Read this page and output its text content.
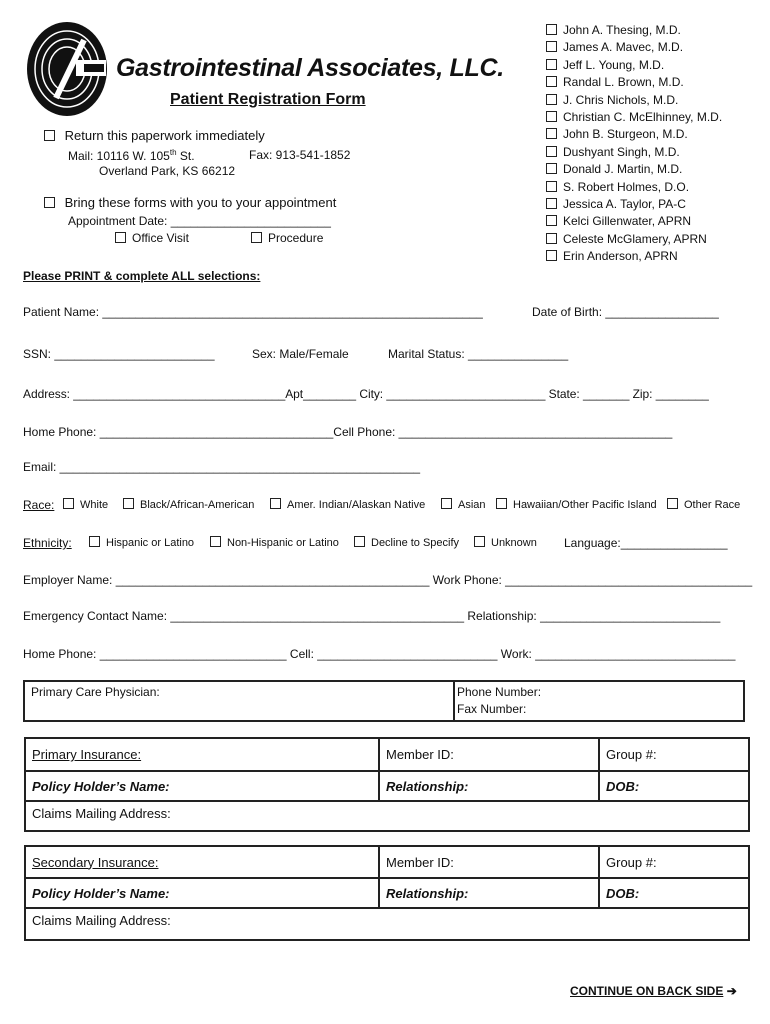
Gastrointestinal Associates, LLC.
Patient Registration Form
Return this paperwork immediately
Mail: 10116 W. 105th St.	Fax: 913-541-1852
Overland Park, KS 66212
Bring these forms with you to your appointment
Appointment Date: ________________________
Office Visit	Procedure
John A. Thesing, M.D.
James A. Mavec, M.D.
Jeff L. Young, M.D.
Randal L. Brown, M.D.
J. Chris Nichols, M.D.
Christian C. McElhinney, M.D.
John B. Sturgeon, M.D.
Dushyant Singh, M.D.
Donald J. Martin, M.D.
S. Robert Holmes, D.O.
Jessica A. Taylor, PA-C
Kelci Gillenwater, APRN
Celeste McGlamery, APRN
Erin Anderson, APRN
Please PRINT & complete ALL selections:
Patient Name: _________________________________________________________	Date of Birth: _________________
SSN: ________________________	Sex: Male/Female	Marital Status: _______________
Address: ________________________________Apt________ City: ________________________ State: _______ Zip: ________
Home Phone: ___________________________________Cell Phone: _________________________________________
Email: ______________________________________________________
Race:	White	Black/African-American	Amer. Indian/Alaskan Native	Asian	Hawaiian/Other Pacific Island	Other Race
Ethnicity:	Hispanic or Latino	Non-Hispanic or Latino	Decline to Specify	Unknown Language:________________
Employer Name: _______________________________________________ Work Phone: _____________________________________
Emergency Contact Name: ____________________________________________ Relationship: ___________________________
Home Phone: ____________________________ Cell: ___________________________ Work: ______________________________
Primary Care Physician:	Phone Number:
Fax Number:
Primary Insurance:	Member ID:	Group #:
Policy Holder’s Name:	Relationship:	DOB:
Claims Mailing Address:		
Secondary Insurance:	Member ID:	Group #:
Policy Holder’s Name:	Relationship:	DOB:
Claims Mailing Address:		
CONTINUE ON BACK SIDE ➔
